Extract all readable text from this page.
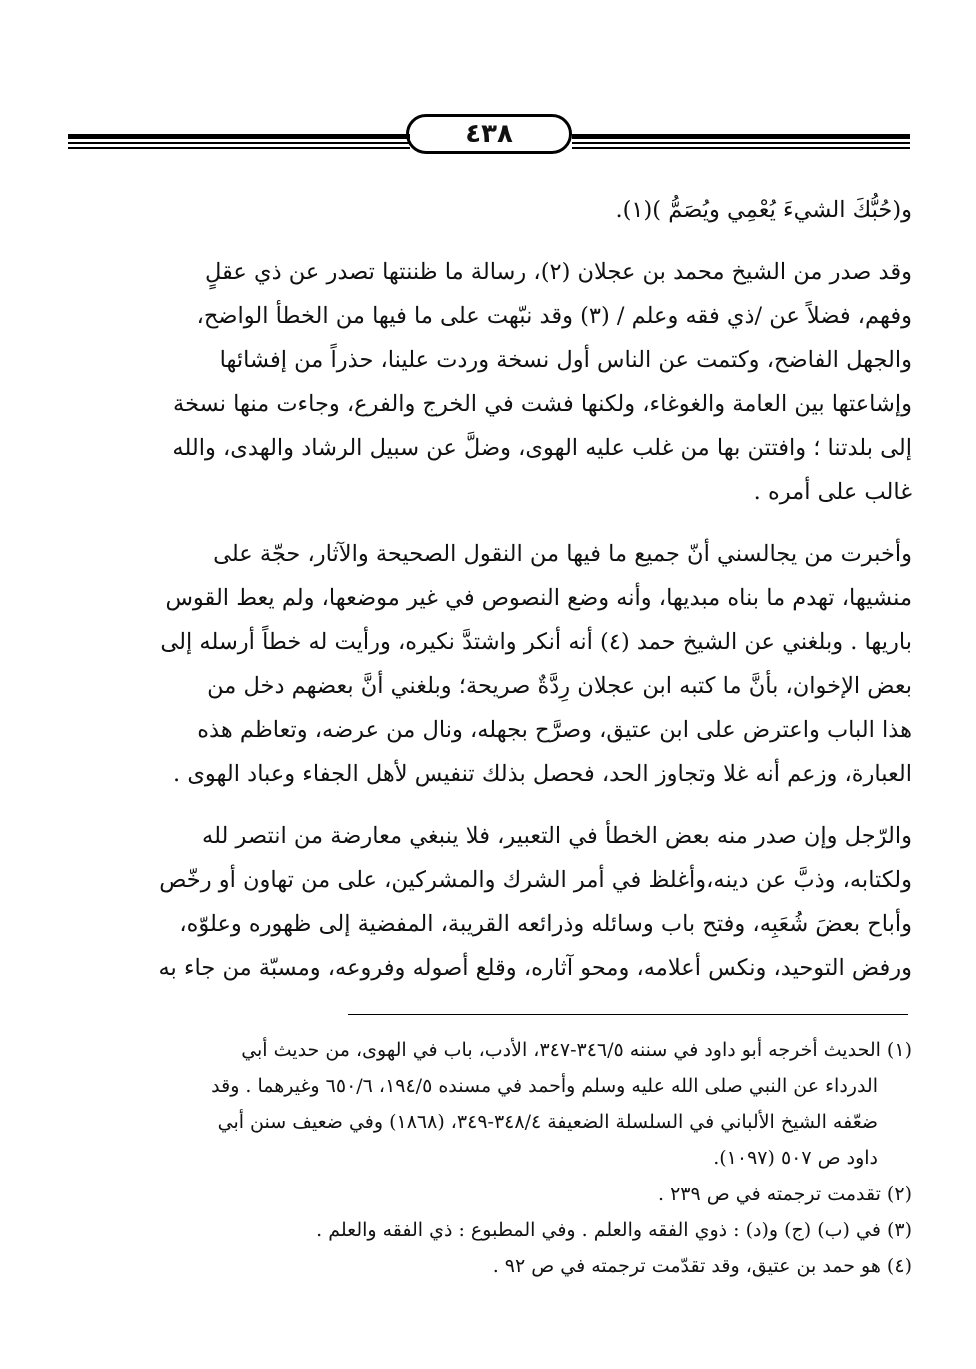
٤٣٨
و(حُبُّكَ الشيءَ يُعْمِي ويُصَمُّ )(١).
وقد صدر من الشيخ محمد بن عجلان (٢)، رسالة ما ظننتها تصدر عن ذي عقلٍ
وفهم، فضلاً عن /ذي فقه وعلم / (٣) وقد نبّهت على ما فيها من الخطأ الواضح،
والجهل الفاضح، وكتمت عن الناس أول نسخة وردت علينا، حذراً من إفشائها
وإشاعتها بين العامة والغوغاء، ولكنها فشت في الخرج والفرع، وجاءت منها نسخة
إلى بلدتنا ؛ وافتتن بها من غلب عليه الهوى، وضلَّ عن سبيل الرشاد والهدى، والله
غالب على أمره .
وأخبرت من يجالسني أنّ جميع ما فيها من النقول الصحيحة والآثار، حجّة على
منشيها، تهدم ما بناه مبديها، وأنه وضع النصوص في غير موضعها، ولم يعط القوس
باريها . وبلغني عن الشيخ حمد (٤) أنه أنكر واشتدَّ نكيره، ورأيت له خطاً أرسله إلى
بعض الإخوان، بأنَّ ما كتبه ابن عجلان رِدَّةٌ صريحة؛ وبلغني أنَّ بعضهم دخل من
هذا الباب واعترض على ابن عتيق، وصرَّح بجهله، ونال من عرضه، وتعاظم هذه
العبارة، وزعم أنه غلا وتجاوز الحد، فحصل بذلك تنفيس لأهل الجفاء وعباد الهوى .
والرّجل وإن صدر منه بعض الخطأ في التعبير، فلا ينبغي معارضة من انتصر لله
ولكتابه، وذبَّ عن دينه،وأغلظ في أمر الشرك والمشركين، على من تهاون أو رخّص
وأباح بعضَ شُعَبِه، وفتح باب وسائله وذرائعه القريبة، المفضية إلى ظهوره وعلوّه،
ورفض التوحيد، ونكس أعلامه، ومحو آثاره، وقلع أصوله وفروعه، ومسبّة من جاء به
(١) الحديث أخرجه أبو داود في سننه ٣٤٦/٥-٣٤٧، الأدب، باب في الهوى، من حديث أبي
الدرداء عن النبي صلى الله عليه وسلم وأحمد في مسنده ١٩٤/٥، ٦٥٠/٦ وغيرهما . وقد
ضعّفه الشيخ الألباني في السلسلة الضعيفة ٣٤٨/٤-٣٤٩، (١٨٦٨) وفي ضعيف سنن أبي
داود ص ٥٠٧ (١٠٩٧).
(٢) تقدمت ترجمته في ص ٢٣٩ .
(٣) في (ب) (ج) و(د) : ذوي الفقه والعلم . وفي المطبوع : ذي الفقه والعلم .
(٤) هو حمد بن عتيق، وقد تقدّمت ترجمته في ص ٩٢ .
